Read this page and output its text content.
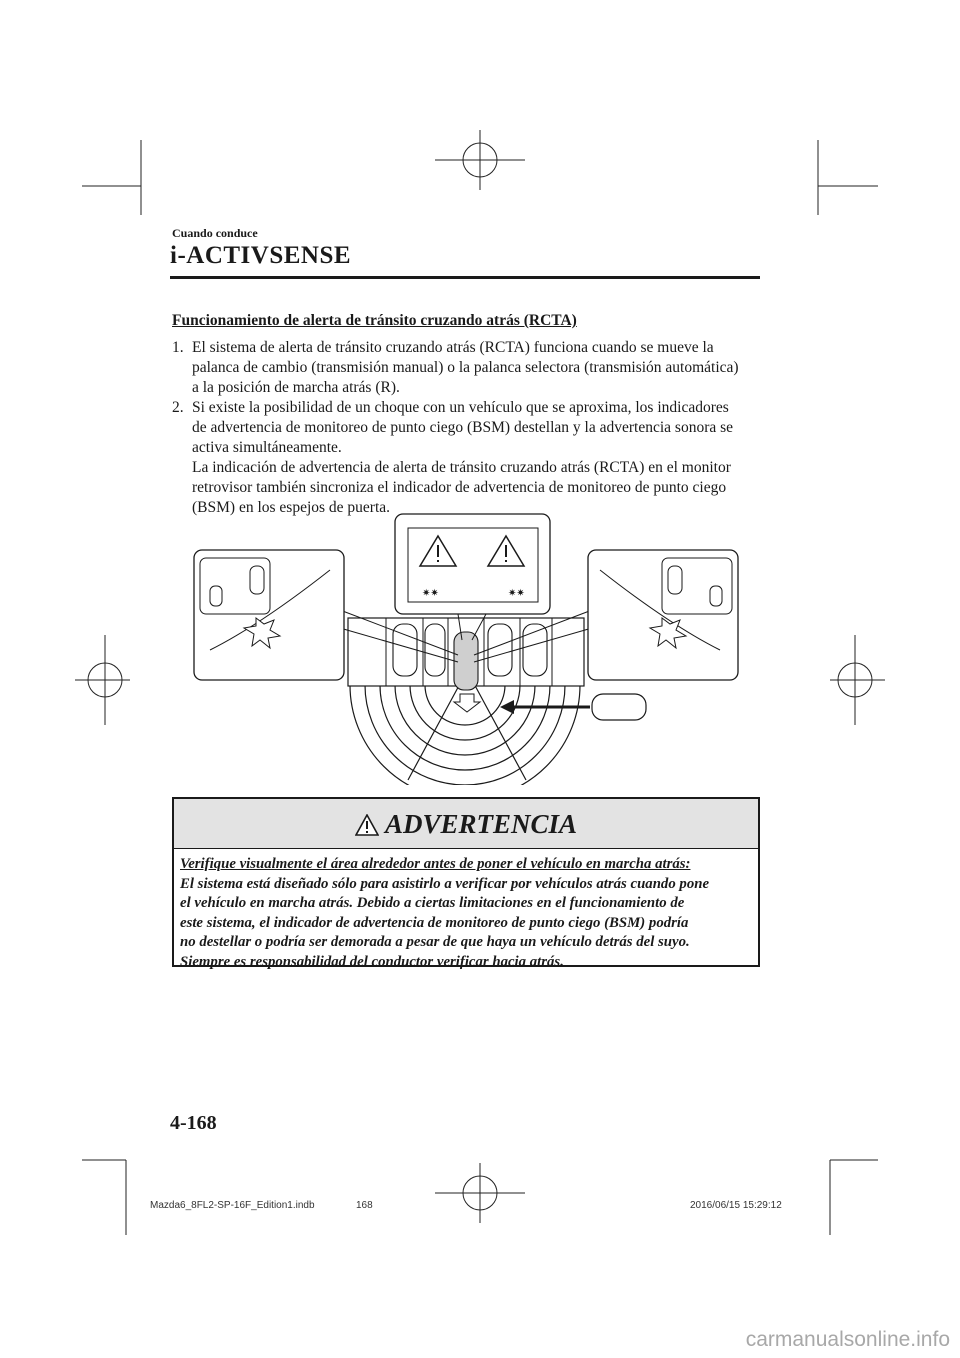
Cuando conduce
i-ACTIVSENSE
Funcionamiento de alerta de tránsito cruzando atrás (RCTA)
1. El sistema de alerta de tránsito cruzando atrás (RCTA) funciona cuando se mueve la
palanca de cambio (transmisión manual) o la palanca selectora (transmisión automática)
a la posición de marcha atrás (R).
2. Si existe la posibilidad de un choque con un vehículo que se aproxima, los indicadores
de advertencia de monitoreo de punto ciego (BSM) destellan y la advertencia sonora se
activa simultáneamente.
La indicación de advertencia de alerta de tránsito cruzando atrás (RCTA) en el monitor
retrovisor también sincroniza el indicador de advertencia de monitoreo de punto ciego
(BSM) en los espejos de puerta.
✷✷	✷✷
ADVERTENCIA
Verifique visualmente el área alrededor antes de poner el vehículo en marcha atrás:
El sistema está diseñado sólo para asistirlo a verificar por vehículos atrás cuando pone
el vehículo en marcha atrás. Debido a ciertas limitaciones en el funcionamiento de
este sistema, el indicador de advertencia de monitoreo de punto ciego (BSM) podría
no destellar o podría ser demorada a pesar de que haya un vehículo detrás del suyo.
Siempre es responsabilidad del conductor verificar hacia atrás.
4-168
Mazda6_8FL2-SP-16F_Edition1.indb	168	2016/06/15 15:29:12
carmanualsonline.info
